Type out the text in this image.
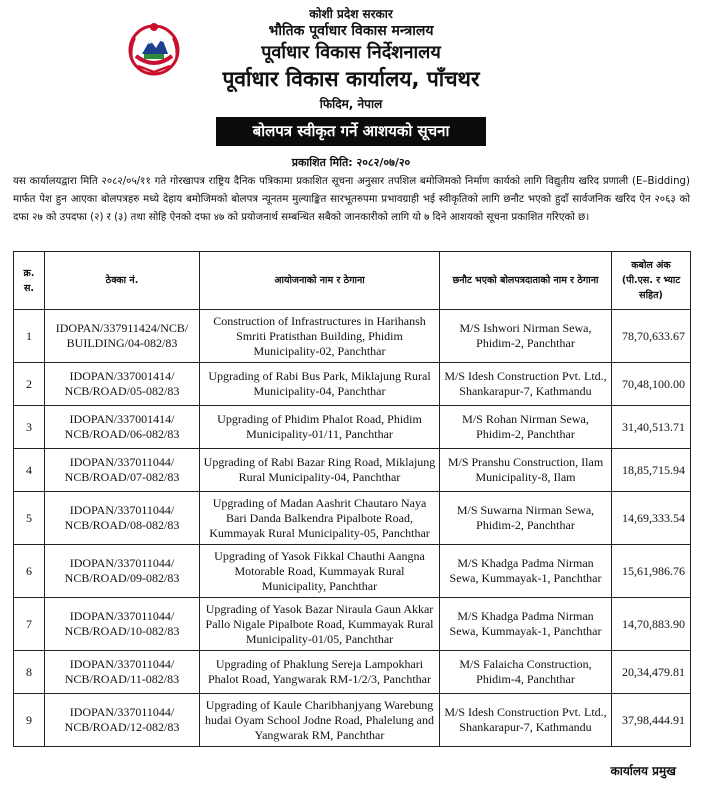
कोशी प्रदेश सरकार
भौतिक पूर्वाधार विकास मन्त्रालय
पूर्वाधार विकास निर्देशनालय
पूर्वाधार विकास कार्यालय, पाँचथर
फिदिम, नेपाल
बोलपत्र स्वीकृत गर्ने आशयको सूचना
प्रकाशित मिति: २०८२/०७/२०
यस कार्यालयद्वारा मिति २०८२/०५/११ गते गोरखापत्र राष्ट्रिय दैनिक पत्रिकामा प्रकाशित सूचना अनुसार तपशिल बमोजिमको निर्माण कार्यको लागि विद्युतीय खरिद प्रणाली (E–Bidding) मार्फत पेश हुन आएका बोलपत्रहरु मध्ये देहाय बमोजिमको बोलपत्र न्यूनतम मुल्याङ्कित सारभूतरुपमा प्रभावग्राही भई स्वीकृतिको लागि छनौट भएको हुदाँ सार्वजनिक खरिद ऐन २०६३ को दफा २७ को उपदफा (२) र (३) तथा सोहि ऐनको दफा ४७ को प्रयोजनार्थ सम्बन्धित सबैको जानकारीको लागि यो ७ दिने आशयको सूचना प्रकाशित गरिएको छ।
क्र. स.	ठेक्का नं.	आयोजनाको नाम र ठेगाना	छनौट भएको बोलपत्रदाताको नाम र ठेगाना	कबोल अंक (पी.एस. र भ्याट सहित)
1	IDOPAN/337911424/NCB/ BUILDING/04-082/83	Construction of Infrastructures in Harihansh Smriti Pratisthan Building, Phidim Municipality-02, Panchthar	M/S Ishwori Nirman Sewa, Phidim-2, Panchthar	78,70,633.67
2	IDOPAN/337001414/ NCB/ROAD/05-082/83	Upgrading of Rabi Bus Park, Miklajung Rural Municipality-04, Panchthar	M/S Idesh Construction Pvt. Ltd., Shankarapur-7, Kathmandu	70,48,100.00
3	IDOPAN/337001414/ NCB/ROAD/06-082/83	Upgrading of Phidim Phalot Road, Phidim Municipality-01/11, Panchthar	M/S Rohan Nirman Sewa, Phidim-2, Panchthar	31,40,513.71
4	IDOPAN/337011044/ NCB/ROAD/07-082/83	Upgrading of Rabi Bazar Ring Road, Miklajung Rural Municipality-04, Panchthar	M/S Pranshu Construction, Ilam Municipality-8, Ilam	18,85,715.94
5	IDOPAN/337011044/ NCB/ROAD/08-082/83	Upgrading of Madan Aashrit Chautaro Naya Bari Danda Balkendra Pipalbote Road, Kummayak Rural Municipality-05, Panchthar	M/S Suwarna Nirman Sewa, Phidim-2, Panchthar	14,69,333.54
6	IDOPAN/337011044/ NCB/ROAD/09-082/83	Upgrading of Yasok Fikkal Chauthi Aangna Motorable Road, Kummayak Rural Municipality, Panchthar	M/S Khadga Padma Nirman Sewa, Kummayak-1, Panchthar	15,61,986.76
7	IDOPAN/337011044/ NCB/ROAD/10-082/83	Upgrading of Yasok Bazar Niraula Gaun Akkar Pallo Nigale Pipalbote Road, Kummayak Rural Municipality-01/05, Panchthar	M/S Khadga Padma Nirman Sewa, Kummayak-1, Panchthar	14,70,883.90
8	IDOPAN/337011044/ NCB/ROAD/11-082/83	Upgrading of Phaklung Sereja Lampokhari Phalot Road, Yangwarak RM-1/2/3, Panchthar	M/S Falaicha Construction, Phidim-4, Panchthar	20,34,479.81
9	IDOPAN/337011044/ NCB/ROAD/12-082/83	Upgrading of Kaule Charibhanjyang Warebung hudai Oyam School Jodne Road, Phalelung and Yangwarak RM, Panchthar	M/S Idesh Construction Pvt. Ltd., Shankarapur-7, Kathmandu	37,98,444.91
कार्यालय प्रमुख
